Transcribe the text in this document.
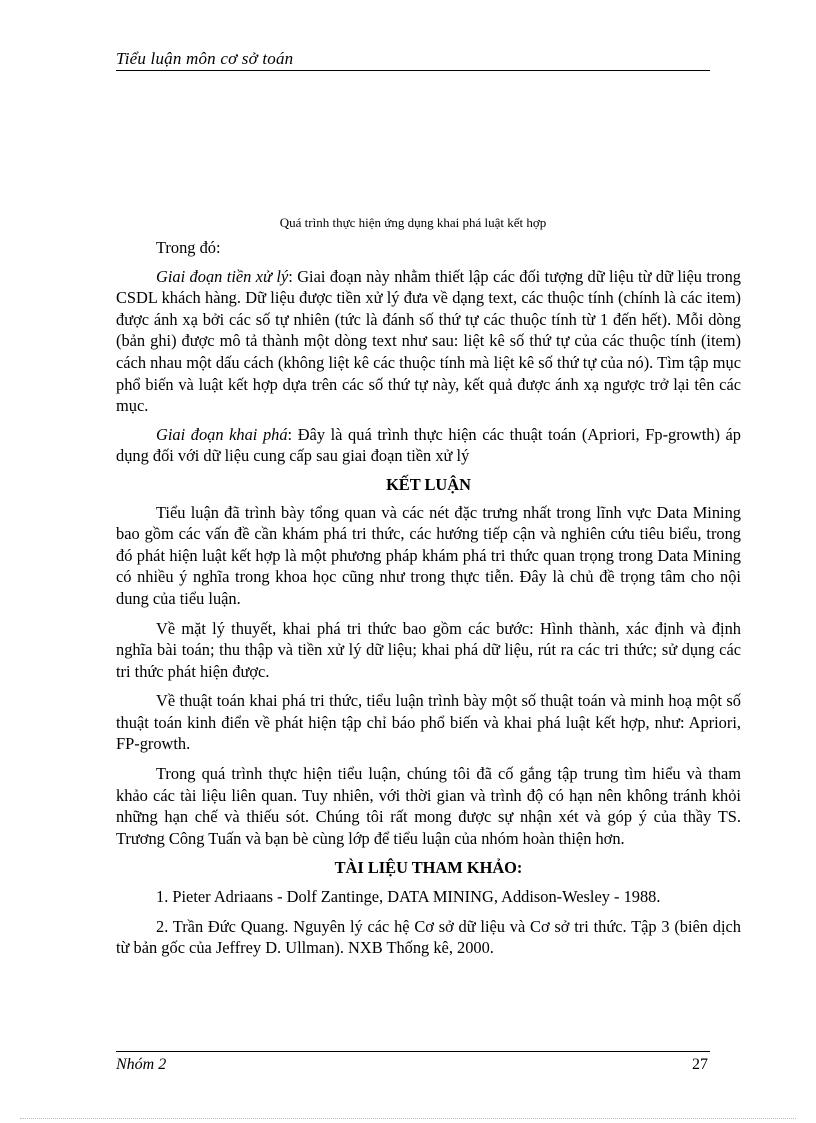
Tiểu luận môn cơ sở toán
Quá trình thực hiện ứng dụng khai phá luật kết hợp

Trong đó:

Giai đoạn tiền xử lý: Giai đoạn này nhằm thiết lập các đối tượng dữ liệu từ dữ liệu trong CSDL khách hàng. Dữ liệu được tiền xử lý đưa về dạng text, các thuộc tính (chính là các item) được ánh xạ bởi các số tự nhiên (tức là đánh số thứ tự các thuộc tính từ 1 đến hết). Mỗi dòng (bản ghi) được mô tả thành một dòng text như sau: liệt kê số thứ tự của các thuộc tính (item) cách nhau một dấu cách (không liệt kê các thuộc tính mà liệt kê số thứ tự của nó). Tìm tập mục phổ biến và luật kết hợp dựa trên các số thứ tự này, kết quả được ánh xạ ngược trở lại tên các mục.

Giai đoạn khai phá: Đây là quá trình thực hiện các thuật toán (Apriori, Fp-growth) áp dụng đối với dữ liệu cung cấp sau giai đoạn tiền xử lý

KẾT LUẬN

Tiểu luận đã trình bày tổng quan và các nét đặc trưng nhất trong lĩnh vực Data Mining bao gồm các vấn đề cần khám phá tri thức, các hướng tiếp cận và nghiên cứu tiêu biểu, trong đó phát hiện luật kết hợp là một phương pháp khám phá tri thức quan trọng trong Data Mining có nhiều ý nghĩa trong khoa học cũng như trong thực tiễn. Đây là chủ đề trọng tâm cho nội dung của tiểu luận.

Về mặt lý thuyết, khai phá tri thức bao gồm các bước: Hình thành, xác định và định nghĩa bài toán; thu thập và tiền xử lý dữ liệu; khai phá dữ liệu, rút ra các tri thức; sử dụng các tri thức phát hiện được.

Về thuật toán khai phá tri thức, tiểu luận trình bày một số thuật toán và minh hoạ một số thuật toán kinh điển về phát hiện tập chỉ báo phổ biến và khai phá luật kết hợp, như: Apriori, FP-growth.

Trong quá trình thực hiện tiểu luận, chúng tôi đã cố gắng tập trung tìm hiểu và tham khảo các tài liệu liên quan. Tuy nhiên, với thời gian và trình độ có hạn nên không tránh khỏi những hạn chế và thiếu sót. Chúng tôi rất mong được sự nhận xét và góp ý của thầy TS. Trương Công Tuấn và bạn bè cùng lớp để tiểu luận của nhóm hoàn thiện hơn.

TÀI LIỆU THAM KHẢO:

1. Pieter Adriaans - Dolf Zantinge, DATA MINING, Addison-Wesley - 1988.

2. Trần Đức Quang. Nguyên lý các hệ Cơ sở dữ liệu và Cơ sở tri thức. Tập 3 (biên dịch từ bản gốc của Jeffrey D. Ullman). NXB Thống kê, 2000.

Nhóm 2	27
